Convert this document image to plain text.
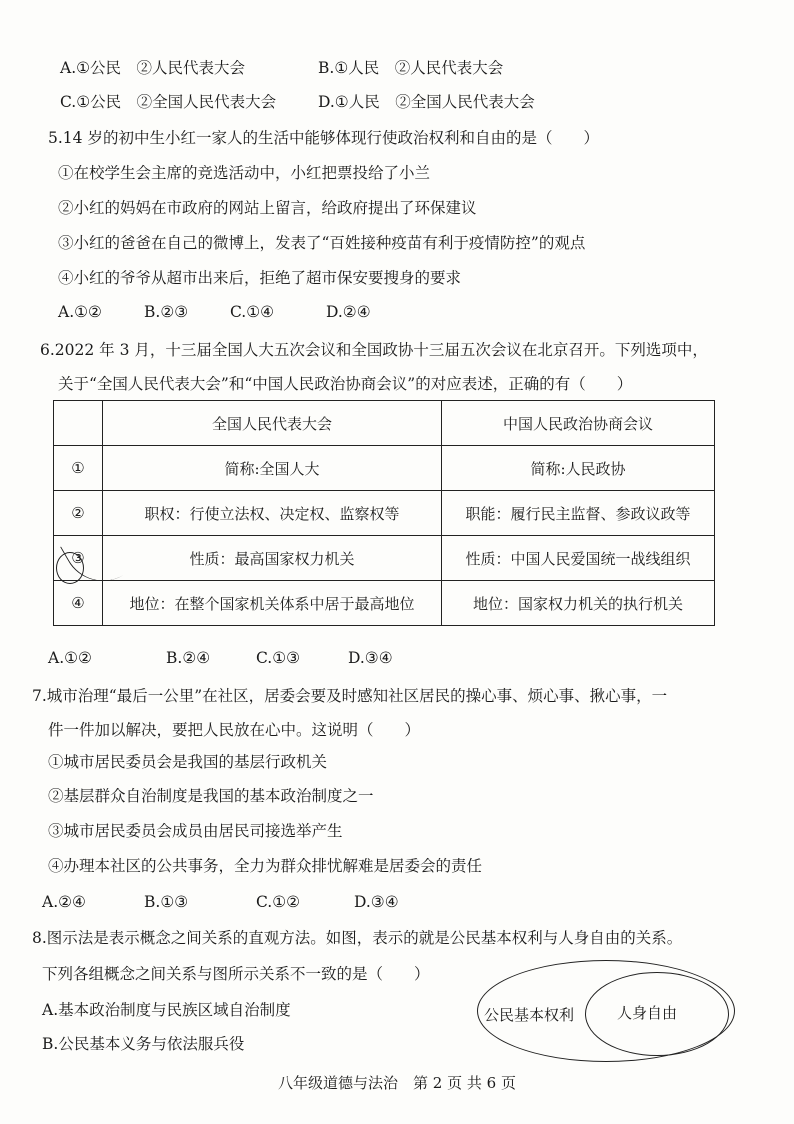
A.①公民　②人民代表大会	B.①人民　②人民代表大会
C.①公民　②全国人民代表大会	D.①人民　②全国人民代表大会
5.14 岁的初中生小红一家人的生活中能够体现行使政治权利和自由的是（　　）
①在校学生会主席的竞选活动中，小红把票投给了小兰
②小红的妈妈在市政府的网站上留言，给政府提出了环保建议
③小红的爸爸在自己的微博上，发表了“百姓接种疫苗有利于疫情防控”的观点
④小红的爷爷从超市出来后，拒绝了超市保安要搜身的要求
A.①②	B.②③	C.①④	D.②④
6.2022 年 3 月，十三届全国人大五次会议和全国政协十三届五次会议在北京召开。下列选项中，
关于“全国人民代表大会”和“中国人民政治协商会议”的对应表述，正确的有（　　）
	全国人民代表大会	中国人民政治协商会议
①	简称:全国人大	简称:人民政协
②	职权：行使立法权、决定权、监察权等	职能：履行民主监督、参政议政等
③	性质：最高国家权力机关	性质：中国人民爱国统一战线组织
④	地位：在整个国家机关体系中居于最高地位	地位：国家权力机关的执行机关
A.①②	B.②④	C.①③	D.③④
7.城市治理“最后一公里”在社区，居委会要及时感知社区居民的操心事、烦心事、揪心事，一
件一件加以解决，要把人民放在心中。这说明（　　）
①城市居民委员会是我国的基层行政机关
②基层群众自治制度是我国的基本政治制度之一
③城市居民委员会成员由居民司接选举产生
④办理本社区的公共事务，全力为群众排忧解难是居委会的责任
A.②④	B.①③	C.①②	D.③④
8.图示法是表示概念之间关系的直观方法。如图，表示的就是公民基本权利与人身自由的关系。
下列各组概念之间关系与图所示关系不一致的是（　　）
A.基本政治制度与民族区域自治制度
B.公民基本义务与依法服兵役
公民基本权利	人身自由
八年级道德与法治　第 2 页 共 6 页
